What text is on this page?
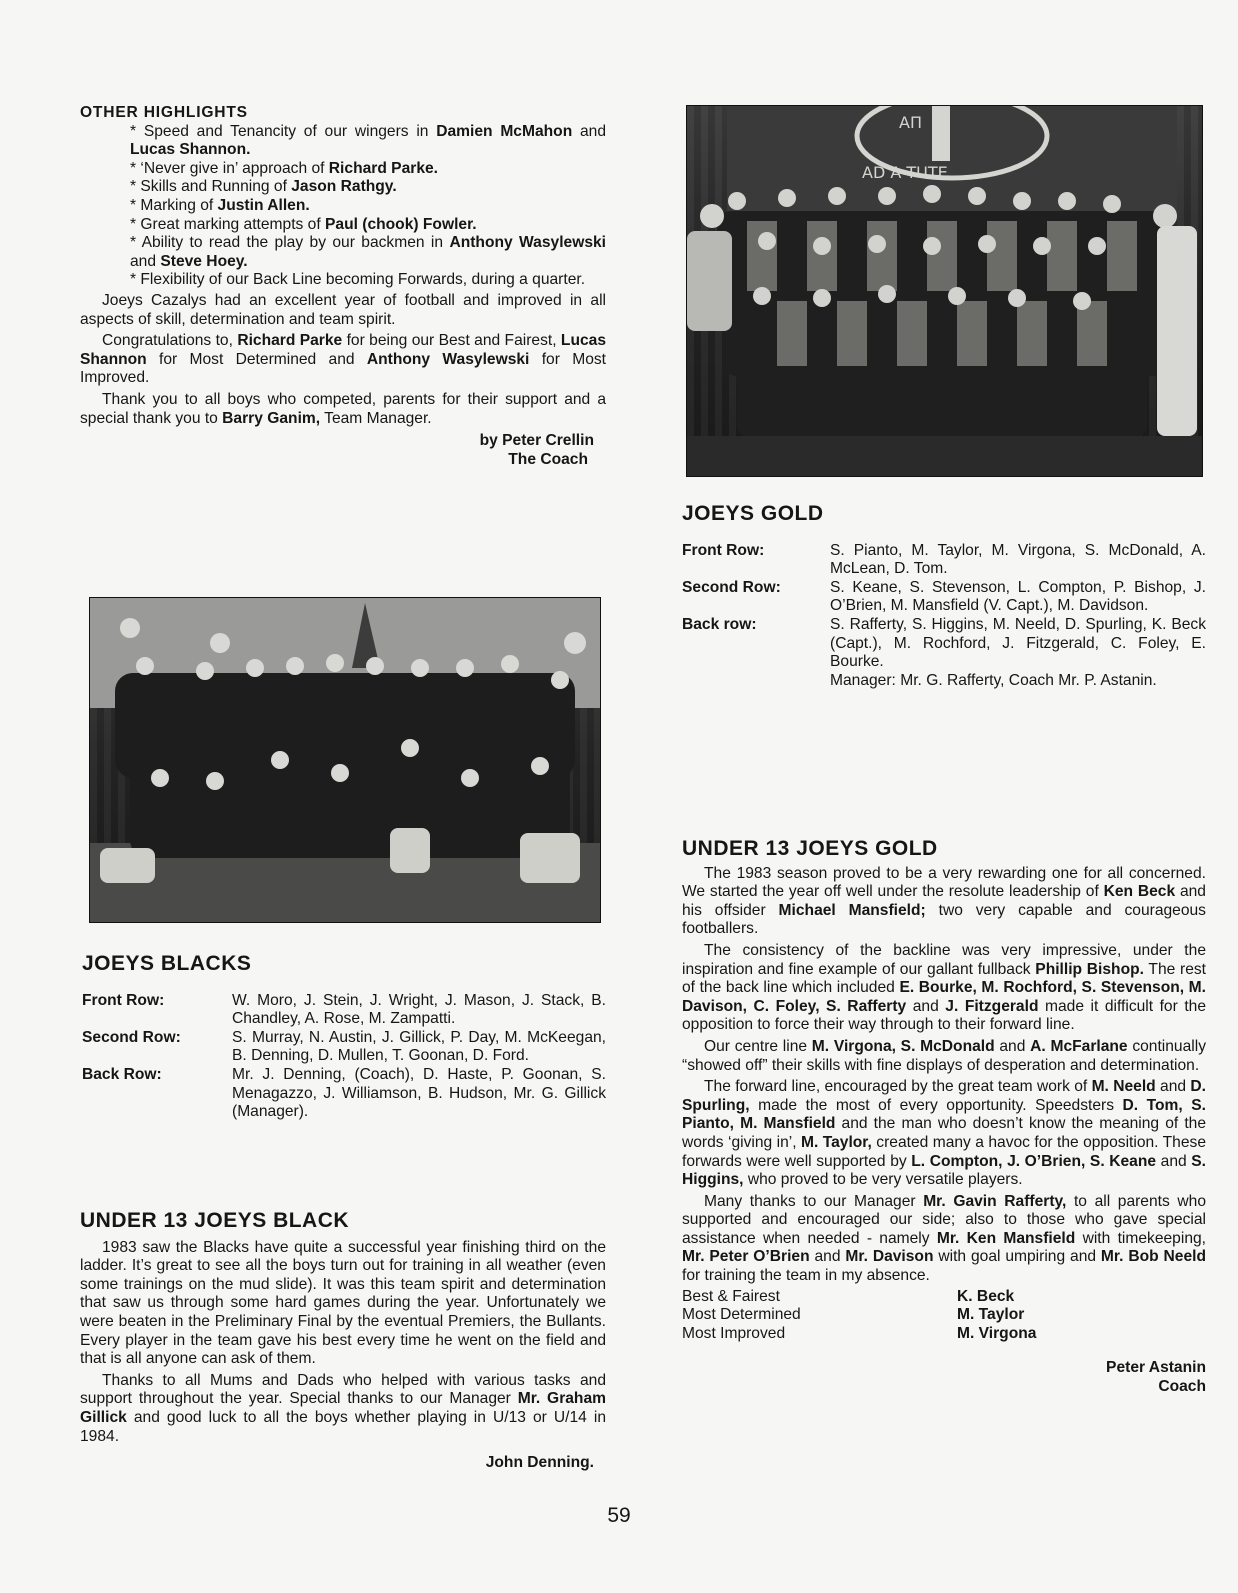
OTHER HIGHLIGHTS

* Speed and Tenancity of our wingers in Damien McMahon and Lucas Shannon.

* ‘Never give in’ approach of Richard Parke.

* Skills and Running of Jason Rathgy.

* Marking of Justin Allen.

* Great marking attempts of Paul (chook) Fowler.

* Ability to read the play by our backmen in Anthony Wasylewski and Steve Hoey.

* Flexibility of our Back Line becoming Forwards, during a quarter.

Joeys Cazalys had an excellent year of football and improved in all aspects of skill, determination and team spirit.

Congratulations to, Richard Parke for being our Best and Fairest, Lucas Shannon for Most Determined and Anthony Wasylewski for Most Improved.

Thank you to all boys who competed, parents for their support and a special thank you to Barry Ganim, Team Manager.

by Peter Crellin
The Coach
JOEYS BLACKS
Front Row:	W. Moro, J. Stein, J. Wright, J. Mason, J. Stack, B. Chandley, A. Rose, M. Zampatti.
Second Row:	S. Murray, N. Austin, J. Gillick, P. Day, M. McKeegan, B. Denning, D. Mullen, T. Goonan, D. Ford.
Back Row:	Mr. J. Denning, (Coach), D. Haste, P. Goonan, S. Menagazzo, J. Williamson, B. Hudson, Mr. G. Gillick (Manager).
UNDER 13 JOEYS BLACK

1983 saw the Blacks have quite a successful year finishing third on the ladder. It’s great to see all the boys turn out for training in all weather (even some trainings on the mud slide). It was this team spirit and determination that saw us through some hard games during the year. Unfortunately we were beaten in the Preliminary Final by the eventual Premiers, the Bullants. Every player in the team gave his best every time he went on the field and that is all anyone can ask of them.

Thanks to all Mums and Dads who helped with various tasks and support throughout the year. Special thanks to our Manager Mr. Graham Gillick and good luck to all the boys whether playing in U/13 or U/14 in 1984.

John Denning.
ΑΠ
AD A TUTE
JOEYS GOLD
Front Row:	S. Pianto, M. Taylor, M. Virgona, S. McDonald, A. McLean, D. Tom.
Second Row:	S. Keane, S. Stevenson, L. Compton, P. Bishop, J. O’Brien, M. Mansfield (V. Capt.), M. Davidson.
Back row:	S. Rafferty, S. Higgins, M. Neeld, D. Spurling, K. Beck (Capt.), M. Rochford, J. Fitzgerald, C. Foley, E. Bourke.
Manager: Mr. G. Rafferty, Coach Mr. P. Astanin.
UNDER 13 JOEYS GOLD

The 1983 season proved to be a very rewarding one for all concerned. We started the year off well under the resolute leadership of Ken Beck and his offsider Michael Mansfield; two very capable and courageous footballers.

The consistency of the backline was very impressive, under the inspiration and fine example of our gallant fullback Phillip Bishop. The rest of the back line which included E. Bourke, M. Rochford, S. Stevenson, M. Davison, C. Foley, S. Rafferty and J. Fitzgerald made it difficult for the opposition to force their way through to their forward line.

Our centre line M. Virgona, S. McDonald and A. McFarlane continually “showed off” their skills with fine displays of desperation and determination.

The forward line, encouraged by the great team work of M. Neeld and D. Spurling, made the most of every opportunity. Speedsters D. Tom, S. Pianto, M. Mansfield and the man who doesn’t know the meaning of the words ‘giving in’, M. Taylor, created many a havoc for the opposition. These forwards were well supported by L. Compton, J. O’Brien, S. Keane and S. Higgins, who proved to be very versatile players.

Many thanks to our Manager Mr. Gavin Rafferty, to all parents who supported and encouraged our side; also to those who gave special assistance when needed - namely Mr. Ken Mansfield with timekeeping, Mr. Peter O’Brien and Mr. Davison with goal umpiring and Mr. Bob Neeld for training the team in my absence.

Best & Fairest	K. Beck
Most Determined	M. Taylor
Most Improved	M. Virgona
Peter Astanin
Coach
59
